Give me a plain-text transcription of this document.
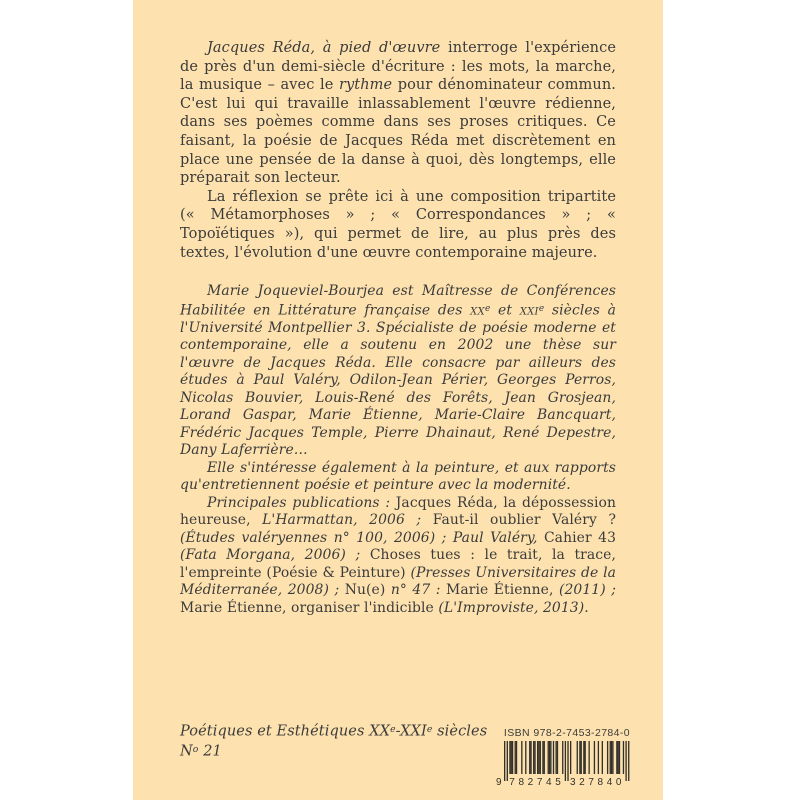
Jacques Réda, à pied d'œuvre interroge l'expérience de près d'un demi-siècle d'écriture : les mots, la marche, la musique – avec le rythme pour dénominateur commun. C'est lui qui travaille inlassablement l'œuvre rédienne, dans ses poèmes comme dans ses proses critiques. Ce faisant, la poésie de Jacques Réda met discrètement en place une pensée de la danse à quoi, dès longtemps, elle préparait son lecteur.

La réflexion se prête ici à une composition tripartite (« Métamorphoses » ; « Correspondances » ; « Topoïétiques »), qui permet de lire, au plus près des textes, l'évolution d'une œuvre contemporaine majeure.

Marie Joqueviel-Bourjea est Maîtresse de Conférences Habilitée en Littérature française des $xx^e$ et xxi$^e$ siècles à l'Université Montpellier 3. Spécialiste de poésie moderne et contemporaine, elle a soutenu en 2002 une thèse sur l'œuvre de Jacques Réda. Elle consacre par ailleurs des études à Paul Valéry, Odilon-Jean Périer, Georges Perros, Nicolas Bouvier, Louis-René des Forêts, Jean Grosjean, Lorand Gaspar, Marie Étienne, Marie-Claire Bancquart, Frédéric Jacques Temple, Pierre Dhainaut, René Depestre, Dany Laferrière…

Elle s'intéresse également à la peinture, et aux rapports qu'entretiennent poésie et peinture avec la modernité.

Principales publications : Jacques Réda, la dépossession heureuse, L'Harmattan, 2006 ; Faut-il oublier Valéry ? (Études valéryennes n° 100, 2006) ; Paul Valéry, Cahier 43 (Fata Morgana, 2006) ; Choses tues : le trait, la trace, l'empreinte (Poésie & Peinture) (Presses Universitaires de la Méditerranée, 2008) ; Nu(e) n° 47 : Marie Étienne, (2011) ; Marie Étienne, organiser l'indicible (L'Improviste, 2013).

Poétiques et Esthétiques XXe-XXIe siècles $N^o$ 21

ISBN 978-2-7453-2784-0
9 782745 327840
